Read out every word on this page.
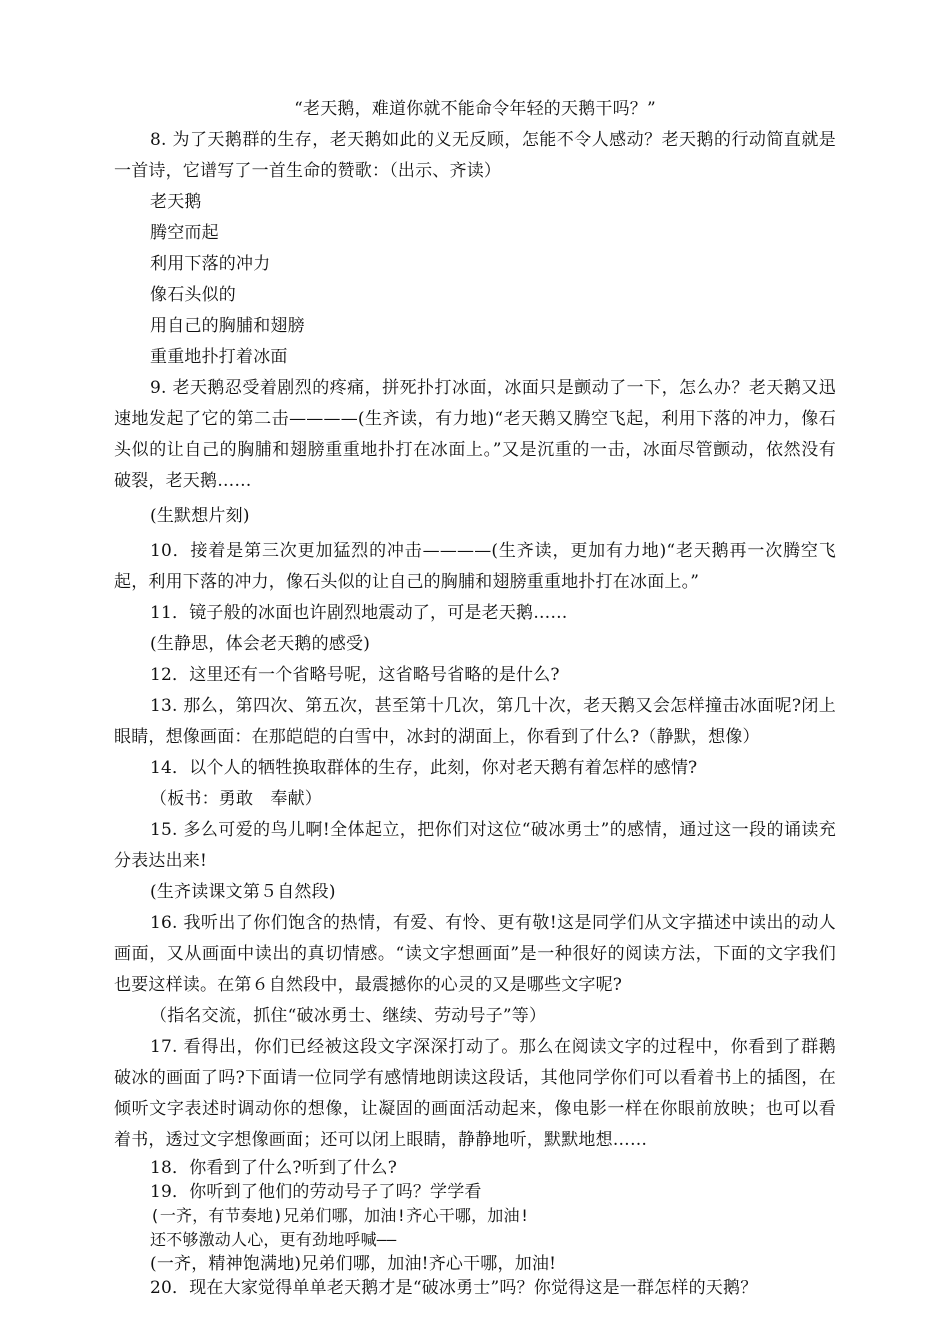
“老天鹅，难道你就不能命令年轻的天鹅干吗？”

8. 为了天鹅群的生存，老天鹅如此的义无反顾，怎能不令人感动？老天鹅的行动简直就是一首诗，它谱写了一首生命的赞歌：（出示、齐读）

老天鹅

腾空而起

利用下落的冲力

像石头似的

用自己的胸脯和翅膀

重重地扑打着冰面

9. 老天鹅忍受着剧烈的疼痛，拼死扑打冰面，冰面只是颤动了一下，怎么办？老天鹅又迅速地发起了它的第二击————(生齐读，有力地)“老天鹅又腾空飞起，利用下落的冲力，像石头似的让自己的胸脯和翅膀重重地扑打在冰面上。”又是沉重的一击，冰面尽管颤动，依然没有破裂，老天鹅……

(生默想片刻)

10．接着是第三次更加猛烈的冲击————(生齐读，更加有力地)“老天鹅再一次腾空飞起，利用下落的冲力，像石头似的让自己的胸脯和翅膀重重地扑打在冰面上。”

11．镜子般的冰面也许剧烈地震动了，可是老天鹅……

(生静思，体会老天鹅的感受)

12．这里还有一个省略号呢，这省略号省略的是什么?

13. 那么，第四次、第五次，甚至第十几次，第几十次，老天鹅又会怎样撞击冰面呢?闭上眼睛，想像画面：在那皑皑的白雪中，冰封的湖面上，你看到了什么?（静默，想像）

14．以个人的牺牲换取群体的生存，此刻，你对老天鹅有着怎样的感情?

（板书：勇敢　奉献）

15. 多么可爱的鸟儿啊!全体起立，把你们对这位“破冰勇士”的感情，通过这一段的诵读充分表达出来!

(生齐读课文第５自然段)

16. 我听出了你们饱含的热情，有爱、有怜、更有敬!这是同学们从文字描述中读出的动人画面，又从画面中读出的真切情感。“读文字想画面”是一种很好的阅读方法，下面的文字我们也要这样读。在第６自然段中，最震撼你的心灵的又是哪些文字呢?

（指名交流，抓住“破冰勇士、继续、劳动号子”等）

17. 看得出，你们已经被这段文字深深打动了。那么在阅读文字的过程中，你看到了群鹅破冰的画面了吗?下面请一位同学有感情地朗读这段话，其他同学你们可以看着书上的插图，在倾听文字表述时调动你的想像，让凝固的画面活动起来，像电影一样在你眼前放映；也可以看着书，透过文字想像画面；还可以闭上眼睛，静静地听，默默地想……

18．你看到了什么?听到了什么?

19．你听到了他们的劳动号子了吗？学学看

(一齐，有节奏地)兄弟们哪，加油!齐心干哪，加油!

还不够激动人心，更有劲地呼喊——

(一齐，精神饱满地)兄弟们哪，加油!齐心干哪，加油!

20．现在大家觉得单单老天鹅才是“破冰勇士”吗？你觉得这是一群怎样的天鹅？
